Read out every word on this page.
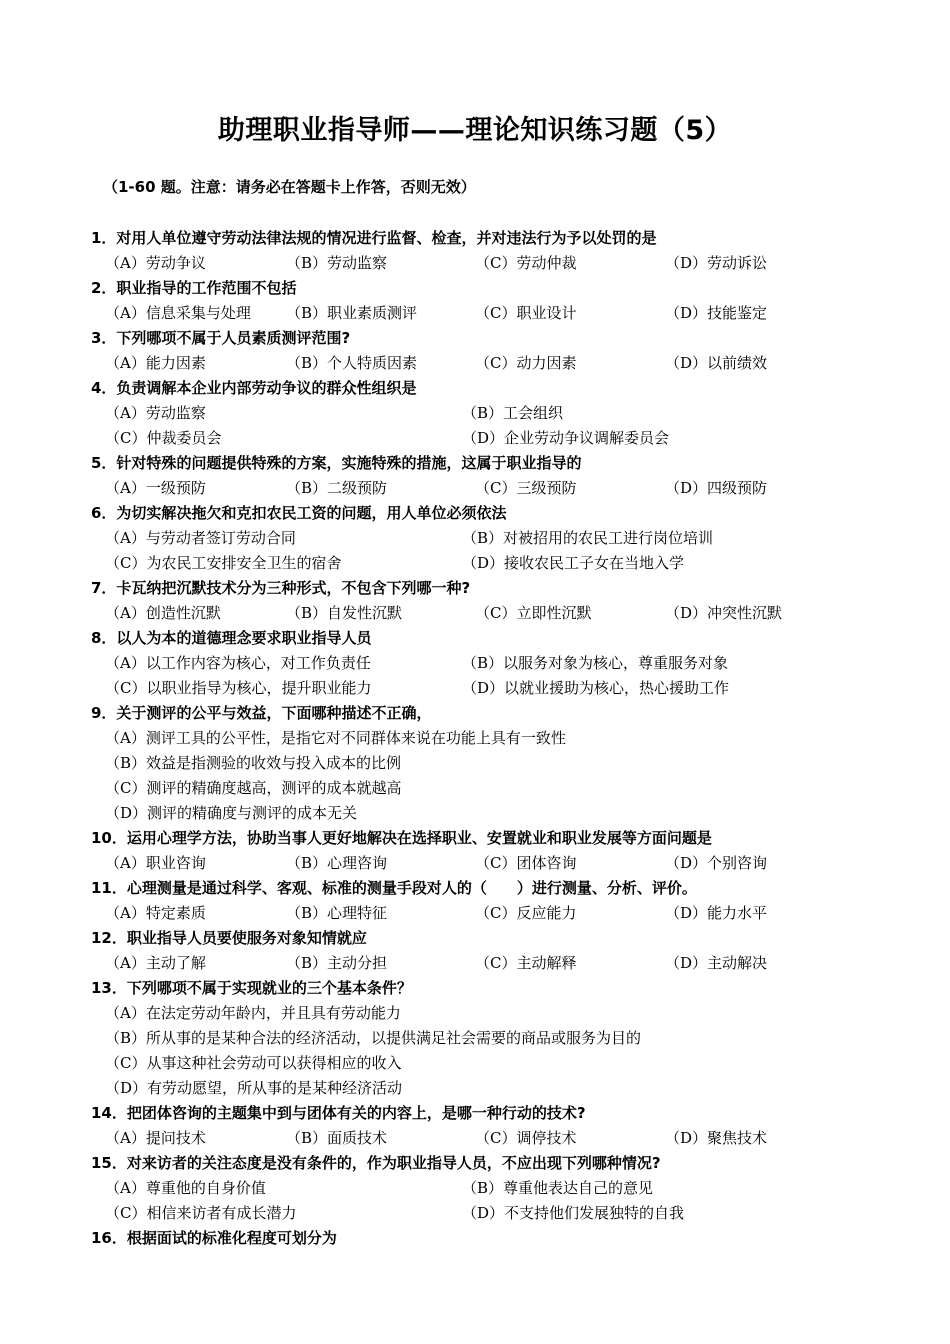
助理职业指导师——理论知识练习题（5）
（1-60 题。注意：请务必在答题卡上作答，否则无效）
1．对用人单位遵守劳动法律法规的情况进行监督、检查，并对违法行为予以处罚的是
（A）劳动争议	（B）劳动监察	（C）劳动仲裁	（D）劳动诉讼
2．职业指导的工作范围不包括
（A）信息采集与处理 （B）职业素质测评	（C）职业设计	（D）技能鉴定
3．下列哪项不属于人员素质测评范围?
（A）能力因素	（B）个人特质因素	（C）动力因素	（D）以前绩效
4．负责调解本企业内部劳动争议的群众性组织是
（A）劳动监察	（B）工会组织
（C）仲裁委员会	（D）企业劳动争议调解委员会
5．针对特殊的问题提供特殊的方案，实施特殊的措施，这属于职业指导的
（A）一级预防	（B）二级预防	（C）三级预防	（D）四级预防
6．为切实解决拖欠和克扣农民工资的问题，用人单位必须依法
（A）与劳动者签订劳动合同	（B）对被招用的农民工进行岗位培训
（C）为农民工安排安全卫生的宿舍	（D）接收农民工子女在当地入学
7．卡瓦纳把沉默技术分为三种形式，不包含下列哪一种?
（A）创造性沉默	（B）自发性沉默	（C）立即性沉默	（D）冲突性沉默
8．以人为本的道德理念要求职业指导人员
（A）以工作内容为核心，对工作负责任	（B）以服务对象为核心，尊重服务对象
（C）以职业指导为核心，提升职业能力	（D）以就业援助为核心，热心援助工作
9．关于测评的公平与效益，下面哪种描述不正确，
（A）测评工具的公平性，是指它对不同群体来说在功能上具有一致性
（B）效益是指测验的收效与投入成本的比例
（C）测评的精确度越高，测评的成本就越高
（D）测评的精确度与测评的成本无关
10．运用心理学方法，协助当事人更好地解决在选择职业、安置就业和职业发展等方面问题是
（A）职业咨询	（B）心理咨询	（C）团体咨询	（D）个别咨询
11．心理测量是通过科学、客观、标准的测量手段对人的（　　）进行测量、分析、评价。
（A）特定素质	（B）心理特征	（C）反应能力	（D）能力水平
12．职业指导人员要使服务对象知情就应
（A）主动了解	（B）主动分担	（C）主动解释	（D）主动解决
13．下列哪项不属于实现就业的三个基本条件？
（A）在法定劳动年龄内，并且具有劳动能力
（B）所从事的是某种合法的经济活动，以提供满足社会需要的商品或服务为目的
（C）从事这种社会劳动可以获得相应的收入
（D）有劳动愿望，所从事的是某种经济活动
14．把团体咨询的主题集中到与团体有关的内容上，是哪一种行动的技术?
（A）提问技术	（B）面质技术	（C）调停技术	（D）聚焦技术
15．对来访者的关注态度是没有条件的，作为职业指导人员，不应出现下列哪种情况?
（A）尊重他的自身价值	（B）尊重他表达自己的意见
（C）相信来访者有成长潜力	（D）不支持他们发展独特的自我
16．根据面试的标准化程度可划分为
